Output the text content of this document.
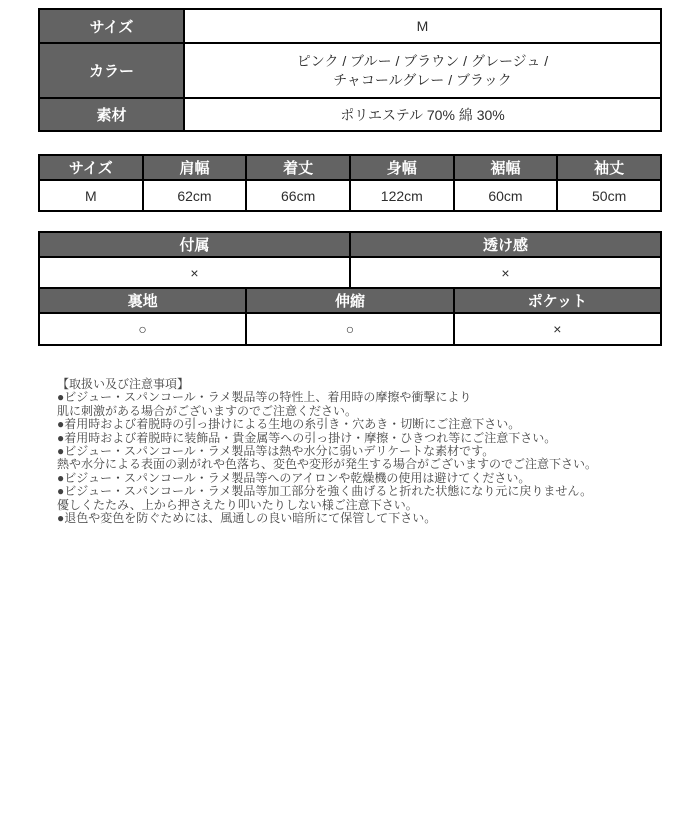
サイズ	M
カラー	ピンク / ブルー / ブラウン / グレージュ /
チャコールグレー / ブラック

素材	ポリエステル 70% 綿 30%
サイズ	肩幅	着丈	身幅	裾幅	袖丈
M	62cm	66cm	122cm	60cm	50cm
付属	透け感
×	×
裏地	伸縮	ポケット
○	○	×
【取扱い及び注意事項】
●ビジュー・スパンコール・ラメ製品等の特性上、着用時の摩擦や衝撃により
肌に刺激がある場合がございますのでご注意ください。
●着用時および着脱時の引っ掛けによる生地の糸引き・穴あき・切断にご注意下さい。
●着用時および着脱時に装飾品・貴金属等への引っ掛け・摩擦・ひきつれ等にご注意下さい。
●ビジュー・スパンコール・ラメ製品等は熱や水分に弱いデリケートな素材です。
熱や水分による表面の剥がれや色落ち、変色や変形が発生する場合がございますのでご注意下さい。
●ビジュー・スパンコール・ラメ製品等へのアイロンや乾燥機の使用は避けてください。
●ビジュー・スパンコール・ラメ製品等加工部分を強く曲げると折れた状態になり元に戻りません。
優しくたたみ、上から押さえたり叩いたりしない様ご注意下さい。
●退色や変色を防ぐためには、風通しの良い暗所にて保管して下さい。
